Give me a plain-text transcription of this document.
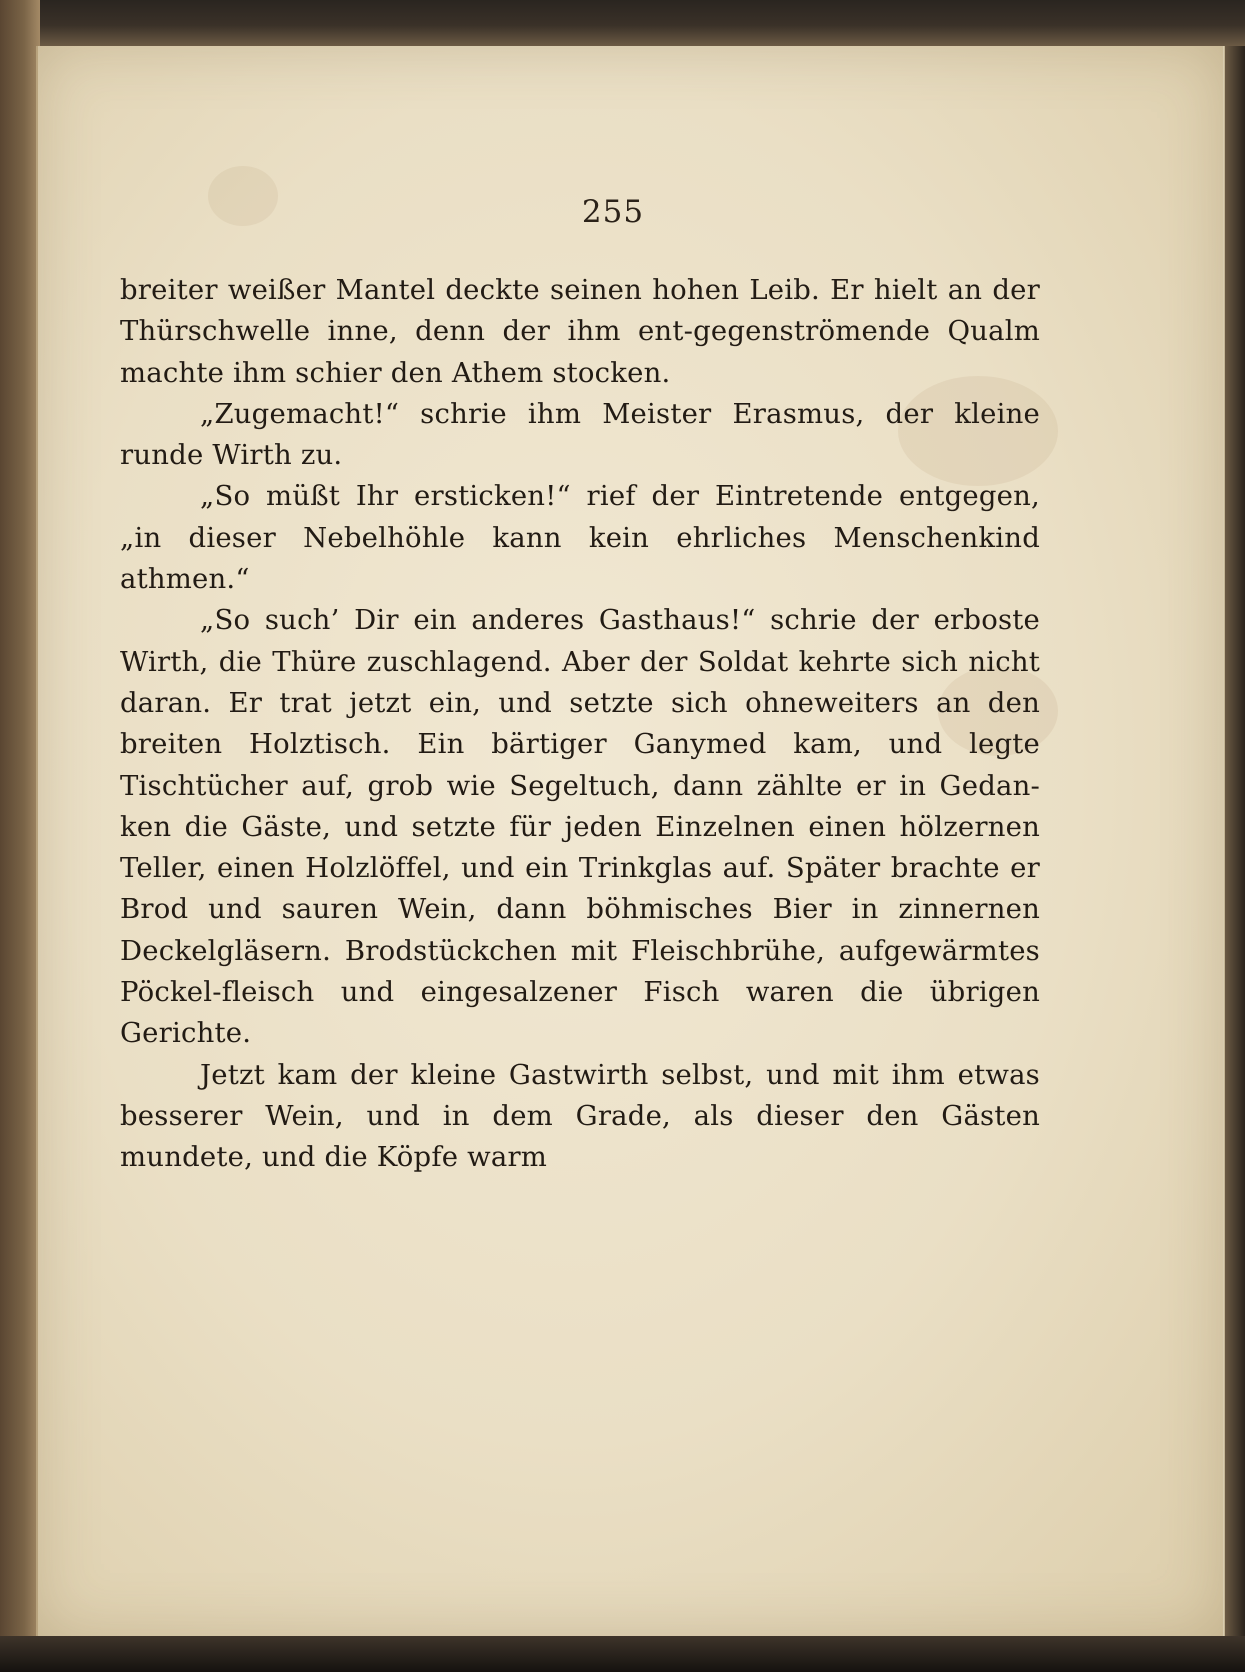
255

breiter weißer Mantel deckte seinen hohen Leib. Er hielt an der Thürschwelle inne, denn der ihm ent-gegenströmende Qualm machte ihm schier den Athem stocken.

„Zugemacht!“ schrie ihm Meister Erasmus, der kleine runde Wirth zu.

„So müßt Ihr ersticken!“ rief der Eintretende entgegen, „in dieser Nebelhöhle kann kein ehrliches Menschenkind athmen.“

„So such’ Dir ein anderes Gasthaus!“ schrie der erboste Wirth, die Thüre zuschlagend. Aber der Soldat kehrte sich nicht daran. Er trat jetzt ein, und setzte sich ohneweiters an den breiten Holztisch. Ein bärtiger Ganymed kam, und legte Tischtücher auf, grob wie Segeltuch, dann zählte er in Gedan-ken die Gäste, und setzte für jeden Einzelnen einen hölzernen Teller, einen Holzlöffel, und ein Trinkglas auf. Später brachte er Brod und sauren Wein, dann böhmisches Bier in zinnernen Deckelgläsern. Brodstückchen mit Fleischbrühe, aufgewärmtes Pöckel-fleisch und eingesalzener Fisch waren die übrigen Gerichte.

Jetzt kam der kleine Gastwirth selbst, und mit ihm etwas besserer Wein, und in dem Grade, als dieser den Gästen mundete, und die Köpfe warm
